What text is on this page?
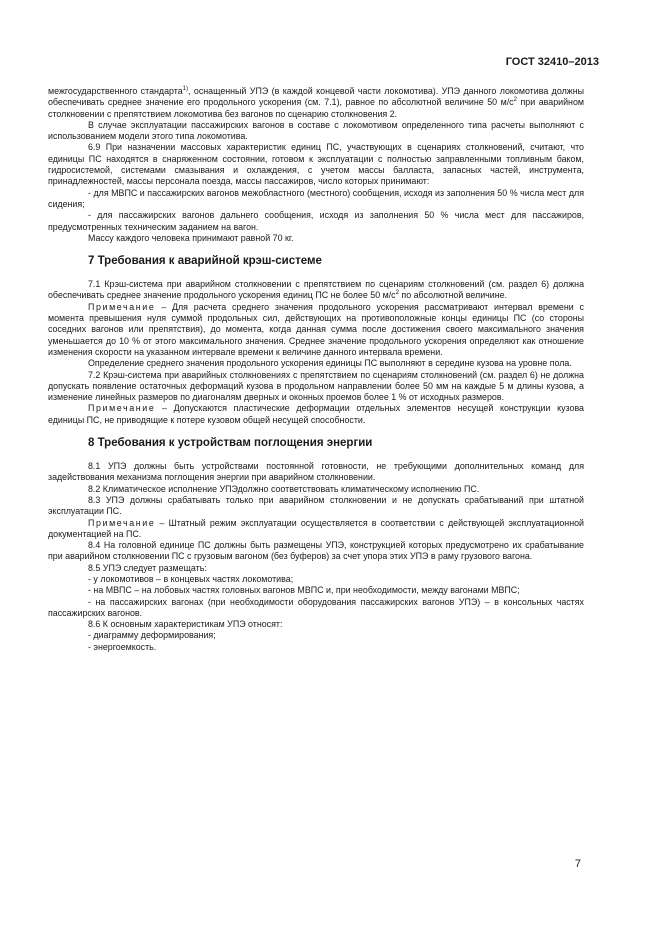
ГОСТ 32410–2013

межгосударственного стандарта$^{1)}$, оснащенный УПЭ (в каждой концевой части локомотива). УПЭ данного локомотива должны обеспечивать среднее значение его продольного ускорения (см. 7.1), равное по абсолютной величине 50 $м/с^2$ при аварийном столкновении с препятствием локомотива без вагонов по сценарию столкновения 2.

В случае эксплуатации пассажирских вагонов в составе с локомотивом определенного типа расчеты выполняют с использованием модели этого типа локомотива.

6.9 При назначении массовых характеристик единиц ПС, участвующих в сценариях столкновений, считают, что единицы ПС находятся в снаряженном состоянии, готовом к эксплуатации с полностью заправленными топливным баком, гидросистемой, системами смазывания и охлаждения, с учетом массы балласта, запасных частей, инструмента, принадлежностей, массы персонала поезда, массы пассажиров, число которых принимают:

- для МВПС и пассажирских вагонов межобластного (местного) сообщения, исходя из заполнения 50 % числа мест для сидения;

- для пассажирских вагонов дальнего сообщения, исходя из заполнения 50 % числа мест для пассажиров, предусмотренных техническим заданием на вагон.

Массу каждого человека принимают равной 70 кг.

7 Требования к аварийной крэш-системе

7.1 Крэш-система при аварийном столкновении с препятствием по сценариям столкновений (см. раздел 6) должна обеспечивать среднее значение продольного ускорения единиц ПС не более 50 $м/с^2$ по абсолютной величине.

Примечание – Для расчета среднего значения продольного ускорения рассматривают интервал времени с момента превышения нуля суммой продольных сил, действующих на противоположные концы единицы ПС (со стороны соседних вагонов или препятствия), до момента, когда данная сумма после достижения своего максимального значения уменьшается до 10 % от этого максимального значения. Среднее значение продольного ускорения определяют как отношение изменения скорости на указанном интервале времени к величине данного интервала времени.

Определение среднего значения продольного ускорения единицы ПС выполняют в середине кузова на уровне пола.

7.2 Крэш-система при аварийных столкновениях с препятствием по сценариям столкновений (см. раздел 6) не должна допускать появление остаточных деформаций кузова в продольном направлении более 50 мм на каждые 5 м длины кузова, а изменение линейных размеров по диагоналям дверных и оконных проемов более 1 % от исходных размеров.

Примечание – Допускаются пластические деформации отдельных элементов несущей конструкции кузова единицы ПС, не приводящие к потере кузовом общей несущей способности.

8 Требования к устройствам поглощения энергии

8.1 УПЭ должны быть устройствами постоянной готовности, не требующими дополнительных команд для задействования механизма поглощения энергии при аварийном столкновении.

8.2 Климатическое исполнение УПЭдолжно соответствовать климатическому исполнению ПС.

8.3 УПЭ должны срабатывать только при аварийном столкновении и не допускать срабатываний при штатной эксплуатации ПС.

Примечание – Штатный режим эксплуатации осуществляется в соответствии с действующей эксплуатационной документацией на ПС.

8.4 На головной единице ПС должны быть размещены УПЭ, конструкцией которых предусмотрено их срабатывание при аварийном столкновении ПС с грузовым вагоном (без буферов) за счет упора этих УПЭ в раму грузового вагона.

8.5 УПЭ следует размещать:

- у локомотивов – в концевых частях локомотива;

- на МВПС – на лобовых частях головных вагонов МВПС и, при необходимости, между вагонами МВПС;

- на пассажирских вагонах (при необходимости оборудования пассажирских вагонов УПЭ) – в консольных частях пассажирских вагонов.

8.6 К основным характеристикам УПЭ относят:

- диаграмму деформирования;

- энергоемкость.

7
